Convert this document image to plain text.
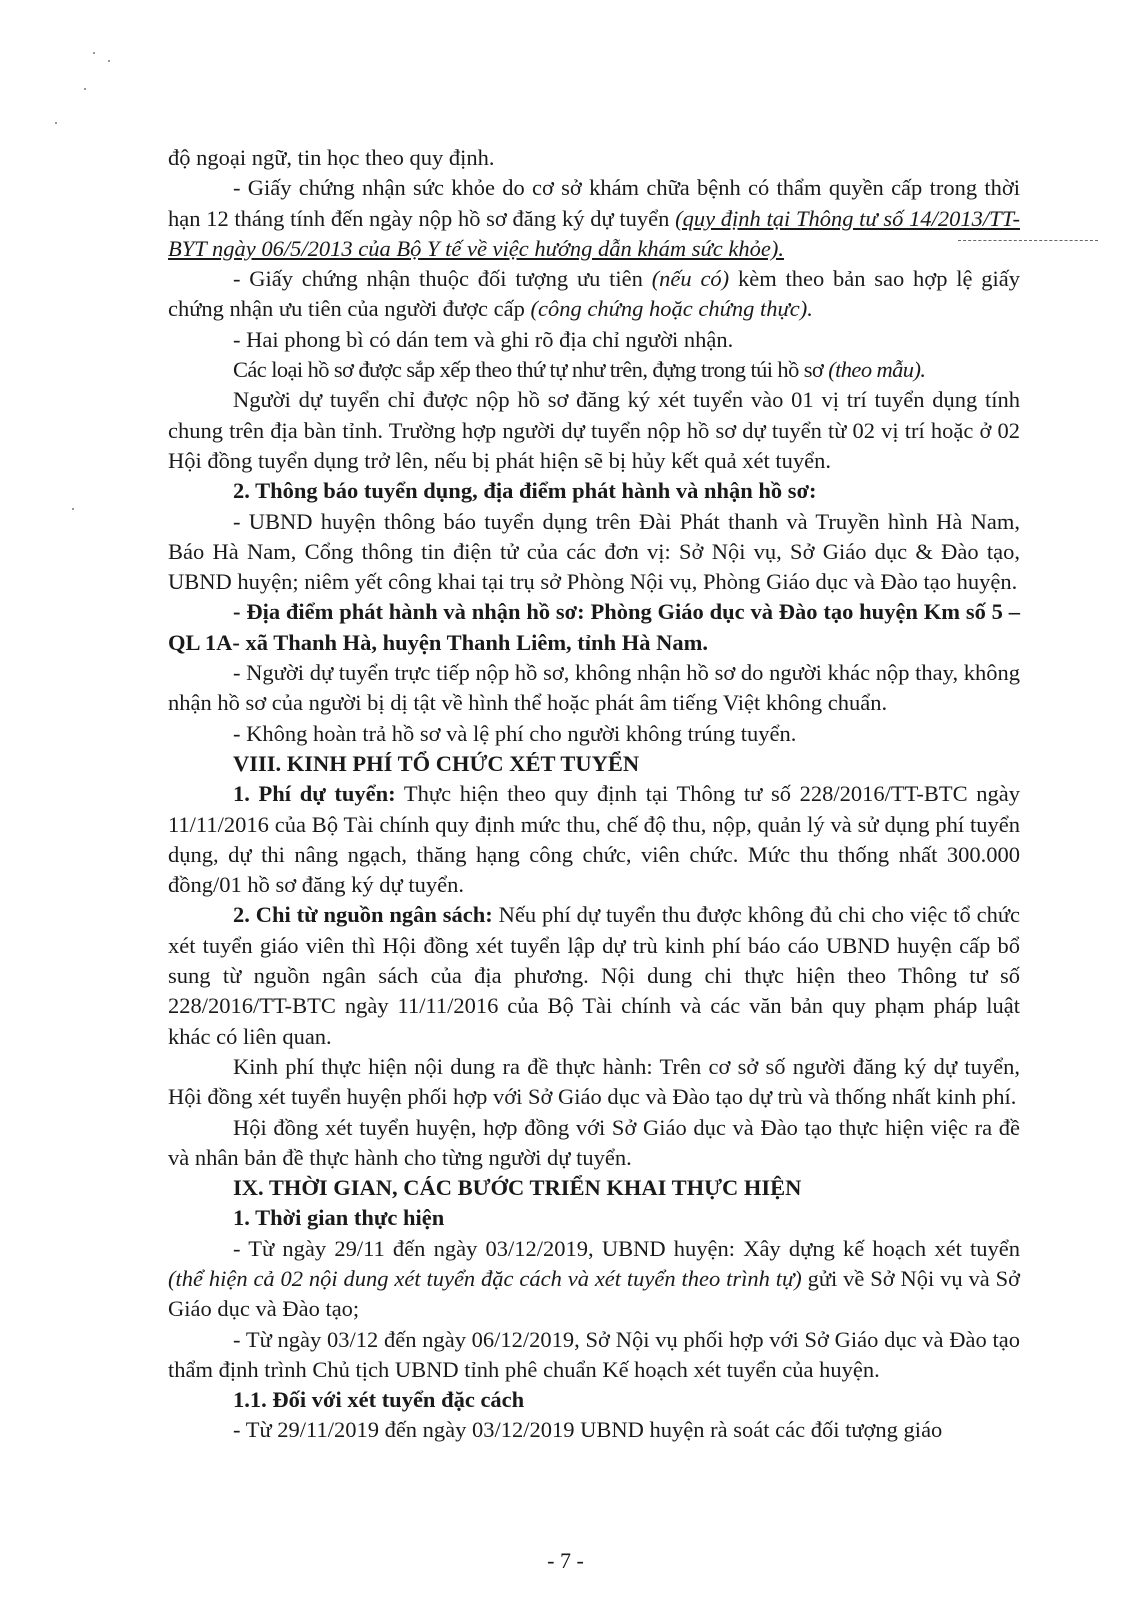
độ ngoại ngữ, tin học theo quy định.

- Giấy chứng nhận sức khỏe do cơ sở khám chữa bệnh có thẩm quyền cấp trong thời hạn 12 tháng tính đến ngày nộp hồ sơ đăng ký dự tuyển (quy định tại Thông tư số 14/2013/TT-BYT ngày 06/5/2013 của Bộ Y tế về việc hướng dẫn khám sức khỏe).

- Giấy chứng nhận thuộc đối tượng ưu tiên (nếu có) kèm theo bản sao hợp lệ giấy chứng nhận ưu tiên của người được cấp (công chứng hoặc chứng thực).

- Hai phong bì có dán tem và ghi rõ địa chỉ người nhận.

Các loại hồ sơ được sắp xếp theo thứ tự như trên, đựng trong túi hồ sơ (theo mẫu).

Người dự tuyển chỉ được nộp hồ sơ đăng ký xét tuyển vào 01 vị trí tuyển dụng tính chung trên địa bàn tỉnh. Trường hợp người dự tuyển nộp hồ sơ dự tuyển từ 02 vị trí hoặc ở 02 Hội đồng tuyển dụng trở lên, nếu bị phát hiện sẽ bị hủy kết quả xét tuyển.

2. Thông báo tuyển dụng, địa điểm phát hành và nhận hồ sơ:

- UBND huyện thông báo tuyển dụng trên Đài Phát thanh và Truyền hình Hà Nam, Báo Hà Nam, Cổng thông tin điện tử của các đơn vị: Sở Nội vụ, Sở Giáo dục & Đào tạo, UBND huyện; niêm yết công khai tại trụ sở Phòng Nội vụ, Phòng Giáo dục và Đào tạo huyện.

- Địa điểm phát hành và nhận hồ sơ: Phòng Giáo dục và Đào tạo huyện Km số 5 – QL 1A- xã Thanh Hà, huyện Thanh Liêm, tỉnh Hà Nam.

- Người dự tuyển trực tiếp nộp hồ sơ, không nhận hồ sơ do người khác nộp thay, không nhận hồ sơ của người bị dị tật về hình thể hoặc phát âm tiếng Việt không chuẩn.

- Không hoàn trả hồ sơ và lệ phí cho người không trúng tuyển.

VIII. KINH PHÍ TỔ CHỨC XÉT TUYỂN

1. Phí dự tuyển: Thực hiện theo quy định tại Thông tư số 228/2016/TT-BTC ngày 11/11/2016 của Bộ Tài chính quy định mức thu, chế độ thu, nộp, quản lý và sử dụng phí tuyển dụng, dự thi nâng ngạch, thăng hạng công chức, viên chức. Mức thu thống nhất 300.000 đồng/01 hồ sơ đăng ký dự tuyển.

2. Chi từ nguồn ngân sách: Nếu phí dự tuyển thu được không đủ chi cho việc tổ chức xét tuyển giáo viên thì Hội đồng xét tuyển lập dự trù kinh phí báo cáo UBND huyện cấp bổ sung từ nguồn ngân sách của địa phương. Nội dung chi thực hiện theo Thông tư số 228/2016/TT-BTC ngày 11/11/2016 của Bộ Tài chính và các văn bản quy phạm pháp luật khác có liên quan.

Kinh phí thực hiện nội dung ra đề thực hành: Trên cơ sở số người đăng ký dự tuyển, Hội đồng xét tuyển huyện phối hợp với Sở Giáo dục và Đào tạo dự trù và thống nhất kinh phí.

Hội đồng xét tuyển huyện, hợp đồng với Sở Giáo dục và Đào tạo thực hiện việc ra đề và nhân bản đề thực hành cho từng người dự tuyển.

IX. THỜI GIAN, CÁC BƯỚC TRIỂN KHAI THỰC HIỆN

1. Thời gian thực hiện

- Từ ngày 29/11 đến ngày 03/12/2019, UBND huyện: Xây dựng kế hoạch xét tuyển (thể hiện cả 02 nội dung xét tuyển đặc cách và xét tuyển theo trình tự) gửi về Sở Nội vụ và Sở Giáo dục và Đào tạo;

- Từ ngày 03/12 đến ngày 06/12/2019, Sở Nội vụ phối hợp với Sở Giáo dục và Đào tạo thẩm định trình Chủ tịch UBND tỉnh phê chuẩn Kế hoạch xét tuyển của huyện.

1.1. Đối với xét tuyển đặc cách

- Từ 29/11/2019 đến ngày 03/12/2019 UBND huyện rà soát các đối tượng giáo

- 7 -
